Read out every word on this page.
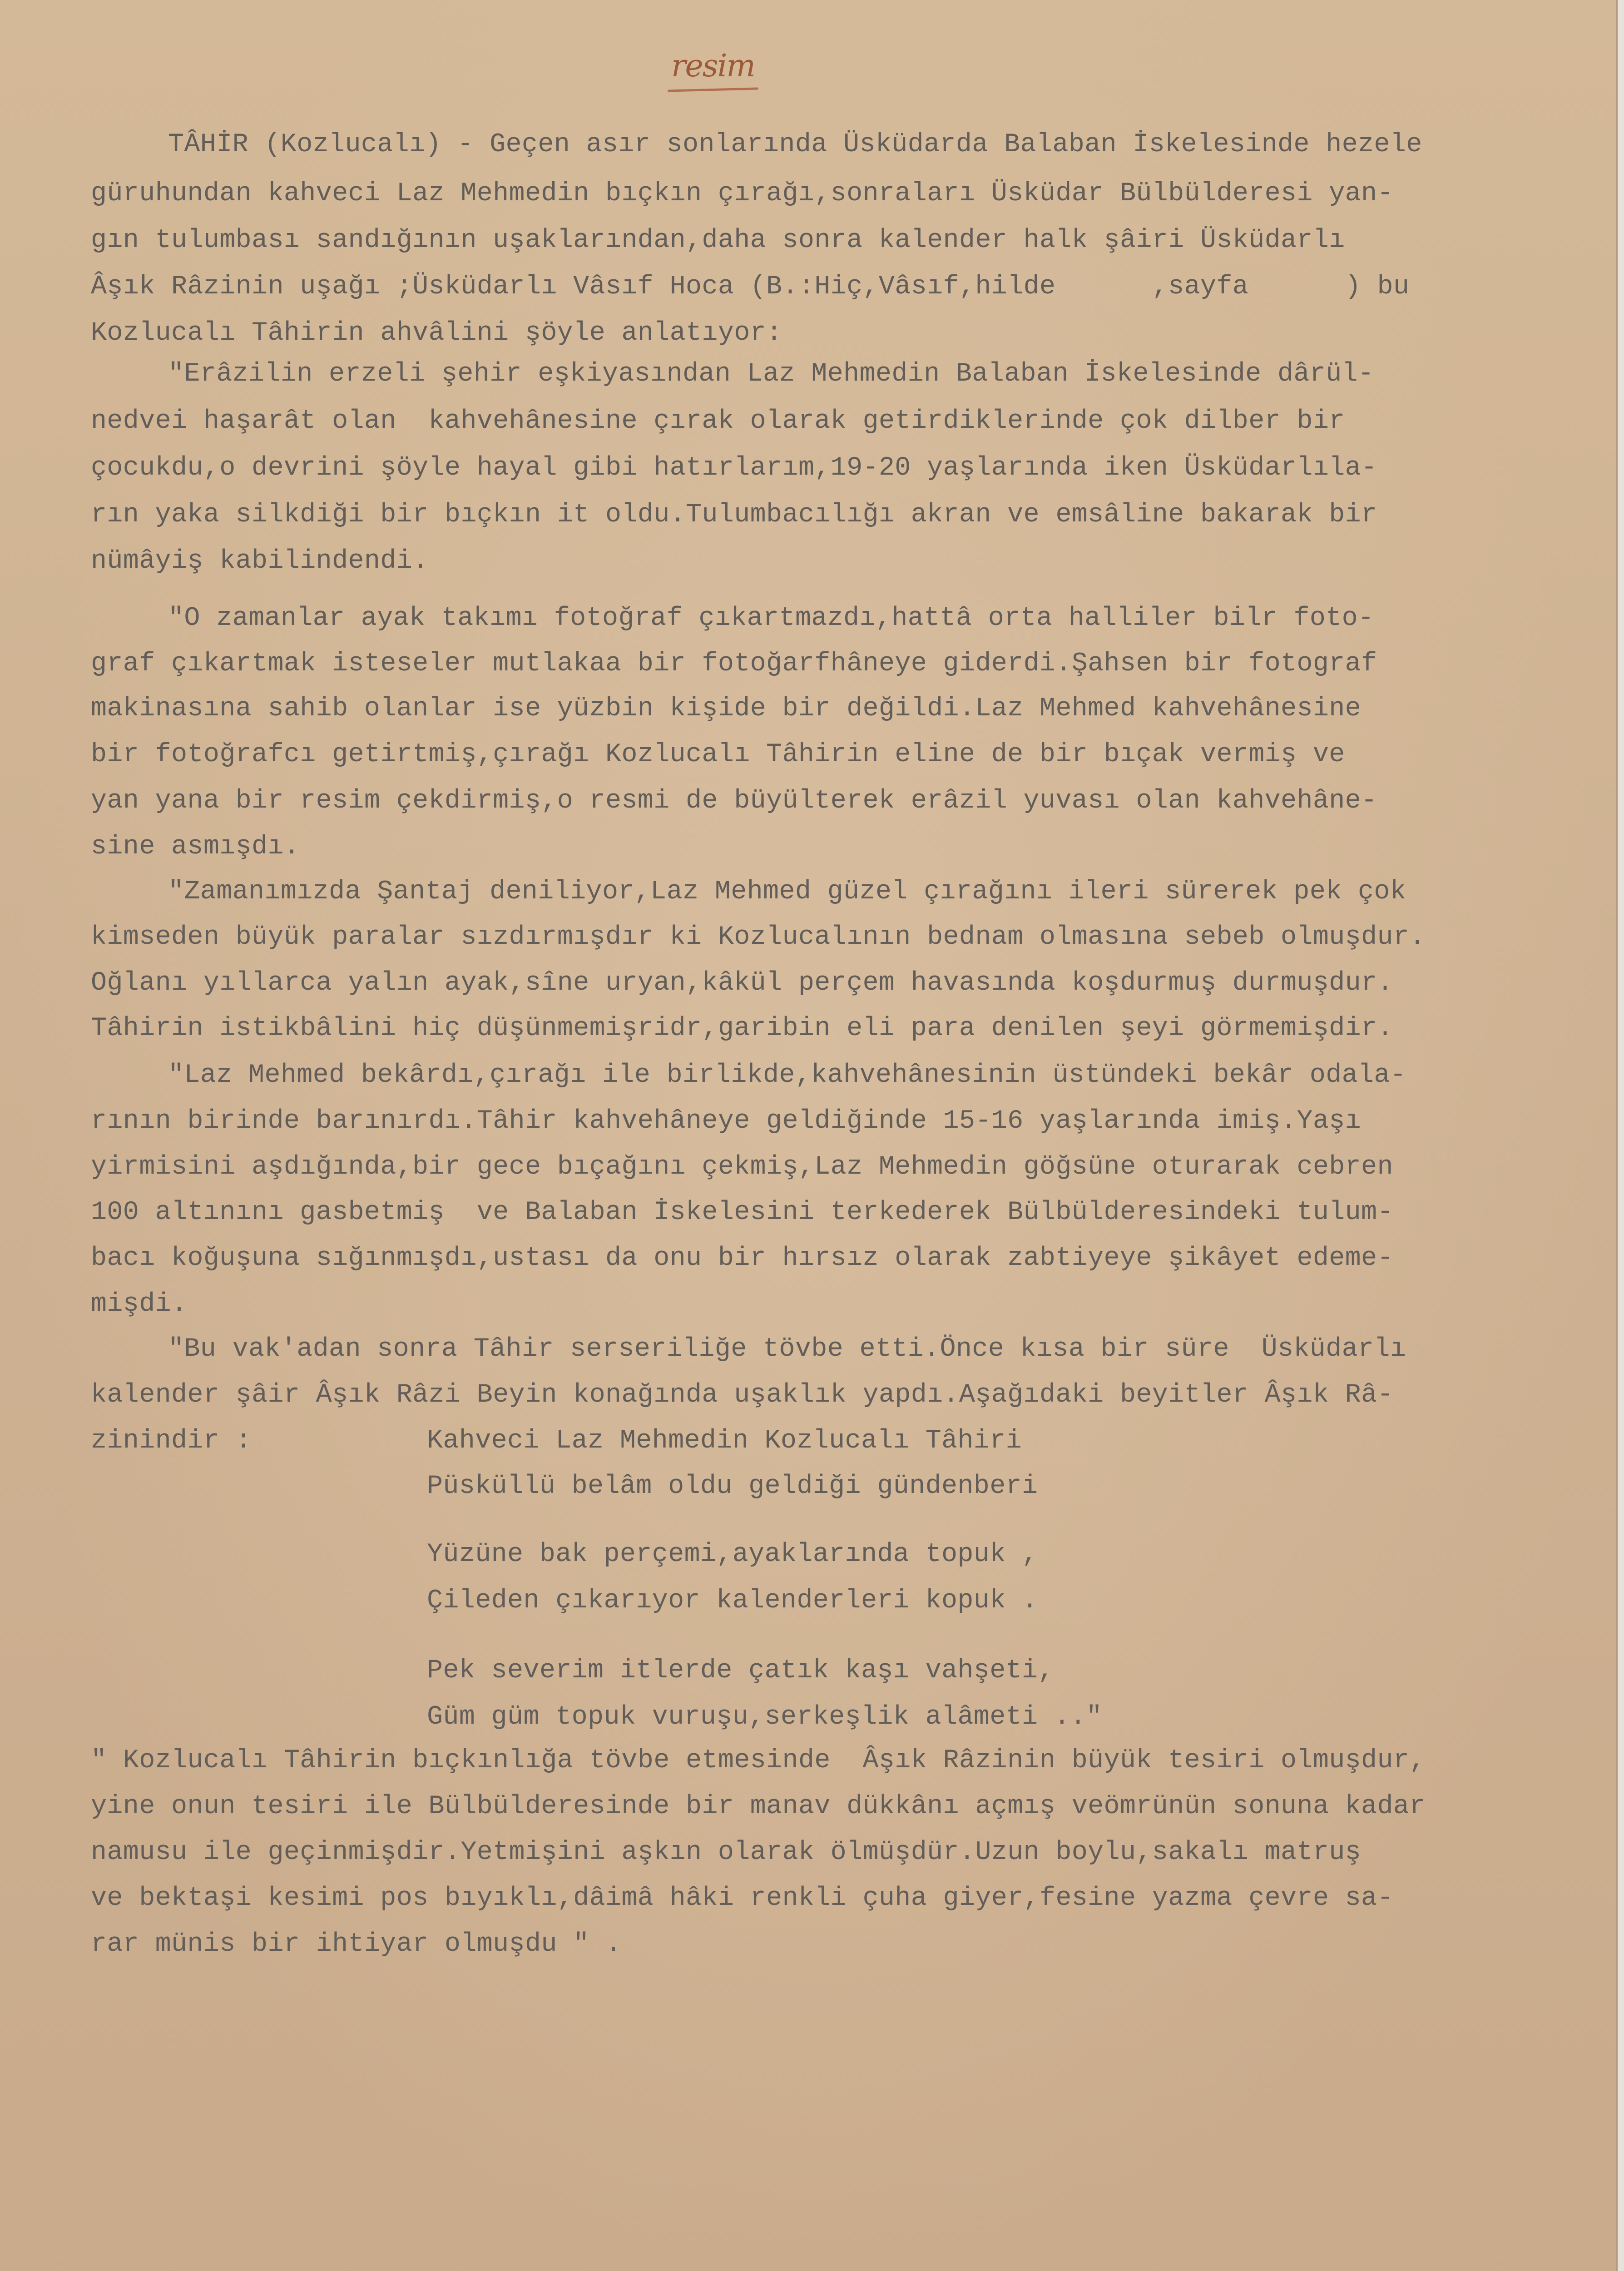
resim

TÂHİR (Kozlucalı) - Geçen asır sonlarında Üsküdarda Balaban İskelesinde hezele

güruhundan kahveci Laz Mehmedin bıçkın çırağı,sonraları Üsküdar Bülbülderesi yan-

gın tulumbası sandığının uşaklarından,daha sonra kalender halk şâiri Üsküdarlı

Âşık Râzinin uşağı ;Üsküdarlı Vâsıf Hoca (B.:Hiç,Vâsıf,hilde      ,sayfa      ) bu

Kozlucalı Tâhirin ahvâlini şöyle anlatıyor:

"Erâzilin erzeli şehir eşkiyasından Laz Mehmedin Balaban İskelesinde dârül-

nedvei haşarât olan  kahvehânesine çırak olarak getirdiklerinde çok dilber bir

çocukdu,o devrini şöyle hayal gibi hatırlarım,19-20 yaşlarında iken Üsküdarlıla-

rın yaka silkdiği bir bıçkın it oldu.Tulumbacılığı akran ve emsâline bakarak bir

nümâyiş kabilindendi.

"O zamanlar ayak takımı fotoğraf çıkartmazdı,hattâ orta halliler bilr foto-

graf çıkartmak isteseler mutlakaa bir fotoğarfhâneye giderdi.Şahsen bir fotograf

makinasına sahib olanlar ise yüzbin kişide bir değildi.Laz Mehmed kahvehânesine

bir fotoğrafcı getirtmiş,çırağı Kozlucalı Tâhirin eline de bir bıçak vermiş ve

yan yana bir resim çekdirmiş,o resmi de büyülterek erâzil yuvası olan kahvehâne-

sine asmışdı.

"Zamanımızda Şantaj deniliyor,Laz Mehmed güzel çırağını ileri sürerek pek çok

kimseden büyük paralar sızdırmışdır ki Kozlucalının bednam olmasına sebeb olmuşdur.

Oğlanı yıllarca yalın ayak,sîne uryan,kâkül perçem havasında koşdurmuş durmuşdur.

Tâhirin istikbâlini hiç düşünmemişridr,garibin eli para denilen şeyi görmemişdir.

"Laz Mehmed bekârdı,çırağı ile birlikde,kahvehânesinin üstündeki bekâr odala-

rının birinde barınırdı.Tâhir kahvehâneye geldiğinde 15-16 yaşlarında imiş.Yaşı

yirmisini aşdığında,bir gece bıçağını çekmiş,Laz Mehmedin göğsüne oturarak cebren

100 altınını gasbetmiş  ve Balaban İskelesini terkederek Bülbülderesindeki tulum-

bacı koğuşuna sığınmışdı,ustası da onu bir hırsız olarak zabtiyeye şikâyet edeme-

mişdi.

"Bu vak'adan sonra Tâhir serseriliğe tövbe etti.Önce kısa bir süre  Üsküdarlı

kalender şâir Âşık Râzi Beyin konağında uşaklık yapdı.Aşağıdaki beyitler Âşık Râ-

zinindir :	Kahveci Laz Mehmedin Kozlucalı Tâhiri

Püsküllü belâm oldu geldiği gündenberi

Yüzüne bak perçemi,ayaklarında topuk ,

Çileden çıkarıyor kalenderleri kopuk .

Pek severim itlerde çatık kaşı vahşeti,

Güm güm topuk vuruşu,serkeşlik alâmeti .."

" Kozlucalı Tâhirin bıçkınlığa tövbe etmesinde  Âşık Râzinin büyük tesiri olmuşdur,

yine onun tesiri ile Bülbülderesinde bir manav dükkânı açmış veömrünün sonuna kadar

namusu ile geçinmişdir.Yetmişini aşkın olarak ölmüşdür.Uzun boylu,sakalı matruş

ve bektaşi kesimi pos bıyıklı,dâimâ hâki renkli çuha giyer,fesine yazma çevre sa-

rar münis bir ihtiyar olmuşdu " .
